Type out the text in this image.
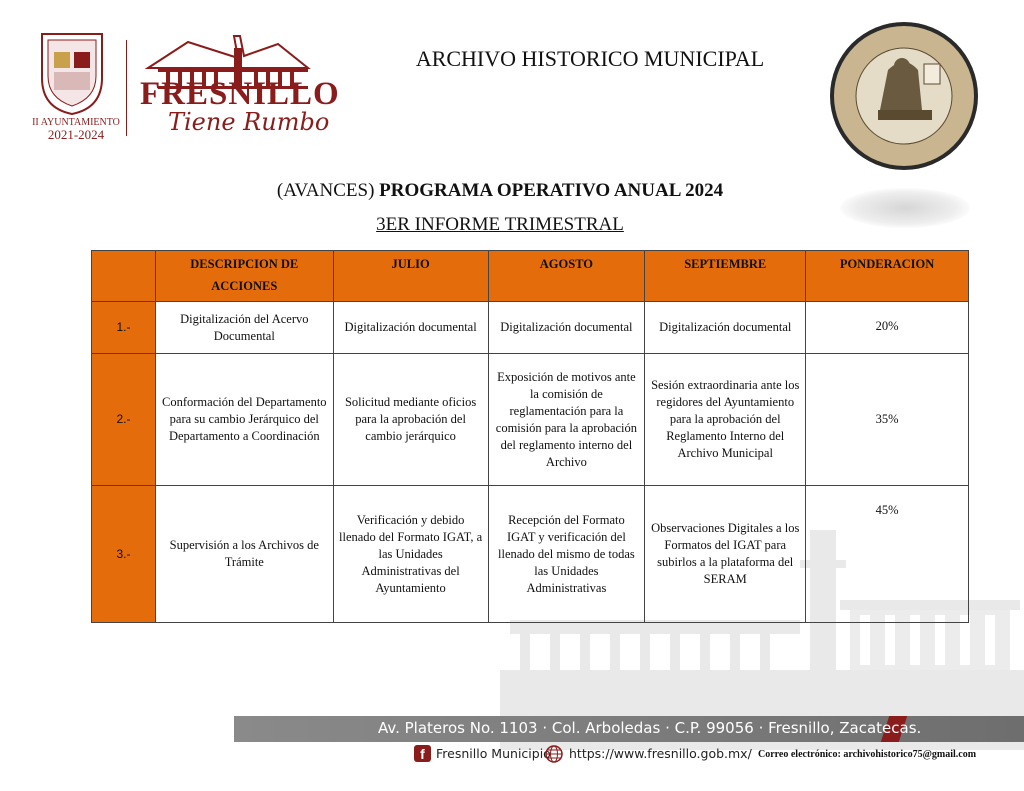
II AYUNTAMIENTO
2021-2024
FRESNILLO
Tiene Rumbo
ARCHIVO HISTORICO MUNICIPAL
(AVANCES) PROGRAMA OPERATIVO ANUAL 2024
3ER INFORME TRIMESTRAL
	DESCRIPCION DE ACCIONES	JULIO	AGOSTO	SEPTIEMBRE	PONDERACION
1.-	Digitalización del Acervo Documental	Digitalización documental	Digitalización documental	Digitalización documental	20%
2.-	Conformación del Departamento para su cambio Jerárquico del Departamento a Coordinación	Solicitud mediante oficios para la aprobación del cambio jerárquico	Exposición de motivos ante la comisión de reglamentación para la comisión para la aprobación del reglamento interno del Archivo	Sesión extraordinaria ante los regidores del Ayuntamiento para la aprobación del Reglamento Interno del Archivo Municipal	35%
3.-	Supervisión a los Archivos de Trámite	Verificación y debido llenado del Formato IGAT, a las Unidades Administrativas del Ayuntamiento	Recepción del Formato IGAT y verificación del llenado del mismo de todas las Unidades Administrativas	Observaciones Digitales a los Formatos del IGAT para subirlos a la plataforma del SERAM	45%
Av. Plateros No. 1103 · Col. Arboledas · C.P. 99056 · Fresnillo, Zacatecas.
f Fresnillo Municipio https://www.fresnillo.gob.mx/ Correo electrónico: archivohistorico75@gmail.com
